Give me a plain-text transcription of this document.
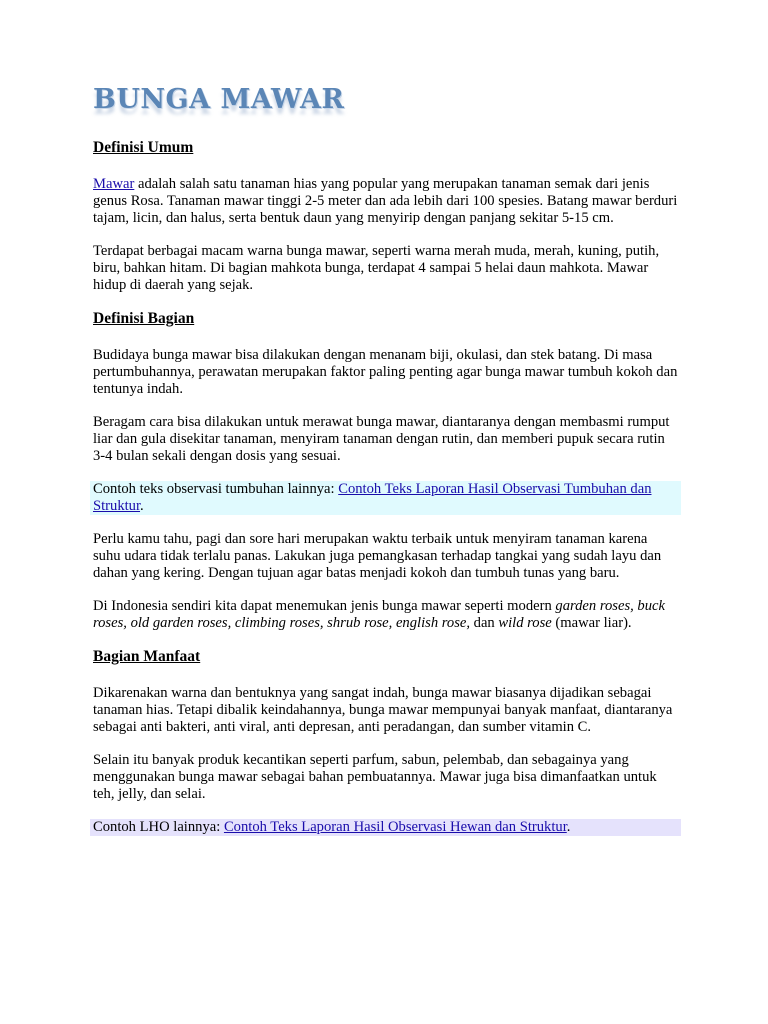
BUNGA MAWAR
Definisi Umum

Mawar adalah salah satu tanaman hias yang popular yang merupakan tanaman semak dari jenis genus Rosa. Tanaman mawar tinggi 2-5 meter dan ada lebih dari 100 spesies. Batang mawar berduri tajam, licin, dan halus, serta bentuk daun yang menyirip dengan panjang sekitar 5-15 cm.

Terdapat berbagai macam warna bunga mawar, seperti warna merah muda, merah, kuning, putih, biru, bahkan hitam. Di bagian mahkota bunga, terdapat 4 sampai 5 helai daun mahkota. Mawar hidup di daerah yang sejak.

Definisi Bagian

Budidaya bunga mawar bisa dilakukan dengan menanam biji, okulasi, dan stek batang. Di masa pertumbuhannya, perawatan merupakan faktor paling penting agar bunga mawar tumbuh kokoh dan tentunya indah.

Beragam cara bisa dilakukan untuk merawat bunga mawar, diantaranya dengan membasmi rumput liar dan gula disekitar tanaman, menyiram tanaman dengan rutin, dan memberi pupuk secara rutin 3-4 bulan sekali dengan dosis yang sesuai.

Contoh teks observasi tumbuhan lainnya: Contoh Teks Laporan Hasil Observasi Tumbuhan dan Struktur.

Perlu kamu tahu, pagi dan sore hari merupakan waktu terbaik untuk menyiram tanaman karena suhu udara tidak terlalu panas. Lakukan juga pemangkasan terhadap tangkai yang sudah layu dan dahan yang kering. Dengan tujuan agar batas menjadi kokoh dan tumbuh tunas yang baru.

Di Indonesia sendiri kita dapat menemukan jenis bunga mawar seperti modern garden roses, buck roses, old garden roses, climbing roses, shrub rose, english rose, dan wild rose (mawar liar).

Bagian Manfaat

Dikarenakan warna dan bentuknya yang sangat indah, bunga mawar biasanya dijadikan sebagai tanaman hias. Tetapi dibalik keindahannya, bunga mawar mempunyai banyak manfaat, diantaranya sebagai anti bakteri, anti viral, anti depresan, anti peradangan, dan sumber vitamin C.

Selain itu banyak produk kecantikan seperti parfum, sabun, pelembab, dan sebagainya yang menggunakan bunga mawar sebagai bahan pembuatannya. Mawar juga bisa dimanfaatkan untuk teh, jelly, dan selai.

Contoh LHO lainnya: Contoh Teks Laporan Hasil Observasi Hewan dan Struktur.
